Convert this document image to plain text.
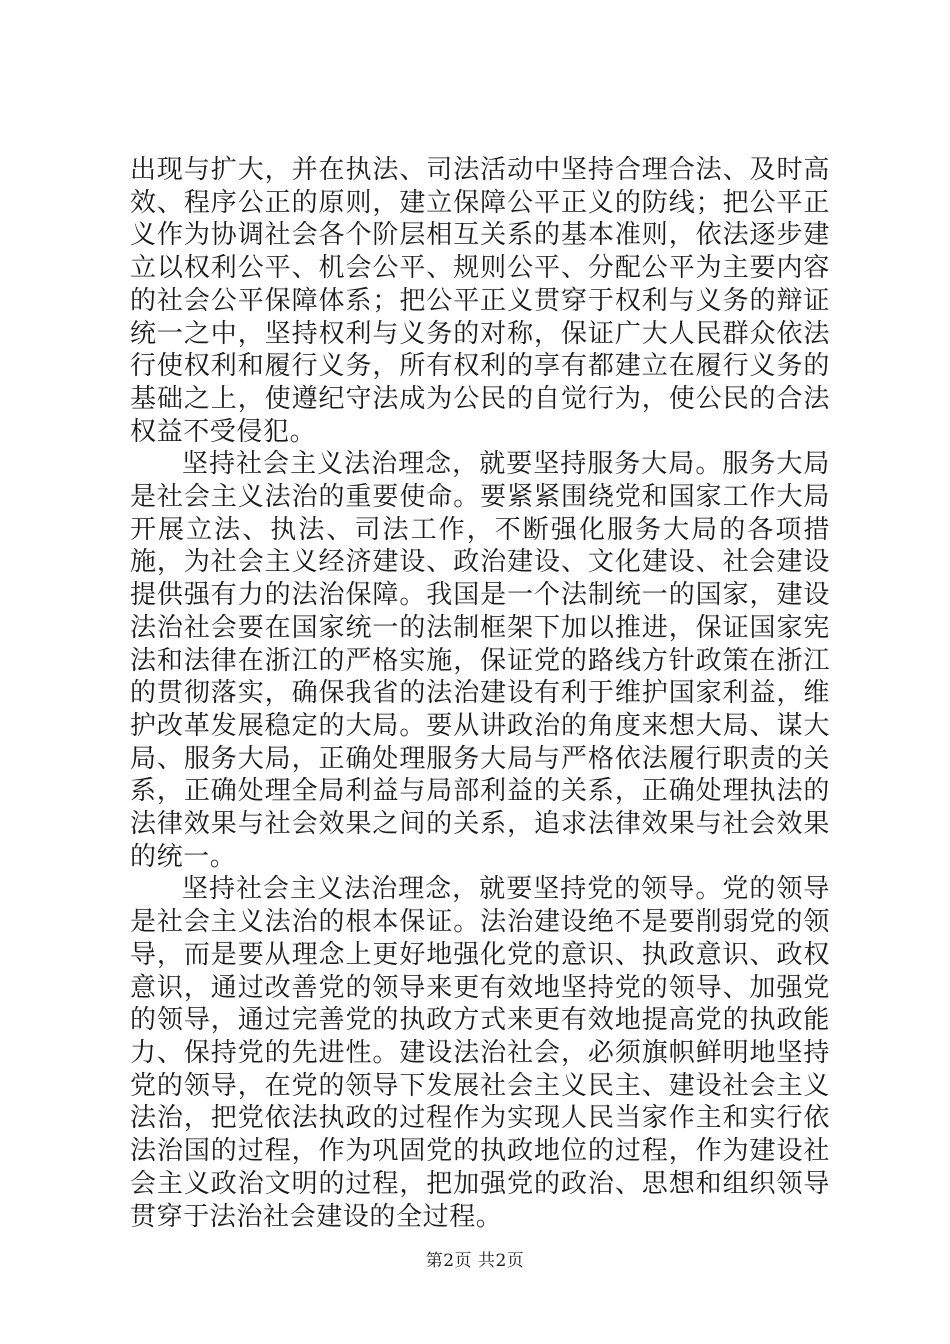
出现与扩大，并在执法、司法活动中坚持合理合法、及时高效、程序公正的原则，建立保障公平正义的防线；把公平正义作为协调社会各个阶层相互关系的基本准则，依法逐步建立以权利公平、机会公平、规则公平、分配公平为主要内容的社会公平保障体系；把公平正义贯穿于权利与义务的辩证统一之中，坚持权利与义务的对称，保证广大人民群众依法行使权利和履行义务，所有权利的享有都建立在履行义务的基础之上，使遵纪守法成为公民的自觉行为，使公民的合法权益不受侵犯。

坚持社会主义法治理念，就要坚持服务大局。服务大局是社会主义法治的重要使命。要紧紧围绕党和国家工作大局开展立法、执法、司法工作，不断强化服务大局的各项措施，为社会主义经济建设、政治建设、文化建设、社会建设提供强有力的法治保障。我国是一个法制统一的国家，建设法治社会要在国家统一的法制框架下加以推进，保证国家宪法和法律在浙江的严格实施，保证党的路线方针政策在浙江的贯彻落实，确保我省的法治建设有利于维护国家利益，维护改革发展稳定的大局。要从讲政治的角度来想大局、谋大局、服务大局，正确处理服务大局与严格依法履行职责的关系，正确处理全局利益与局部利益的关系，正确处理执法的法律效果与社会效果之间的关系，追求法律效果与社会效果的统一。

坚持社会主义法治理念，就要坚持党的领导。党的领导是社会主义法治的根本保证。法治建设绝不是要削弱党的领导，而是要从理念上更好地强化党的意识、执政意识、政权意识，通过改善党的领导来更有效地坚持党的领导、加强党的领导，通过完善党的执政方式来更有效地提高党的执政能力、保持党的先进性。建设法治社会，必须旗帜鲜明地坚持党的领导，在党的领导下发展社会主义民主、建设社会主义法治，把党依法执政的过程作为实现人民当家作主和实行依法治国的过程，作为巩固党的执政地位的过程，作为建设社会主义政治文明的过程，把加强党的政治、思想和组织领导贯穿于法治社会建设的全过程。

第2页 共2页
